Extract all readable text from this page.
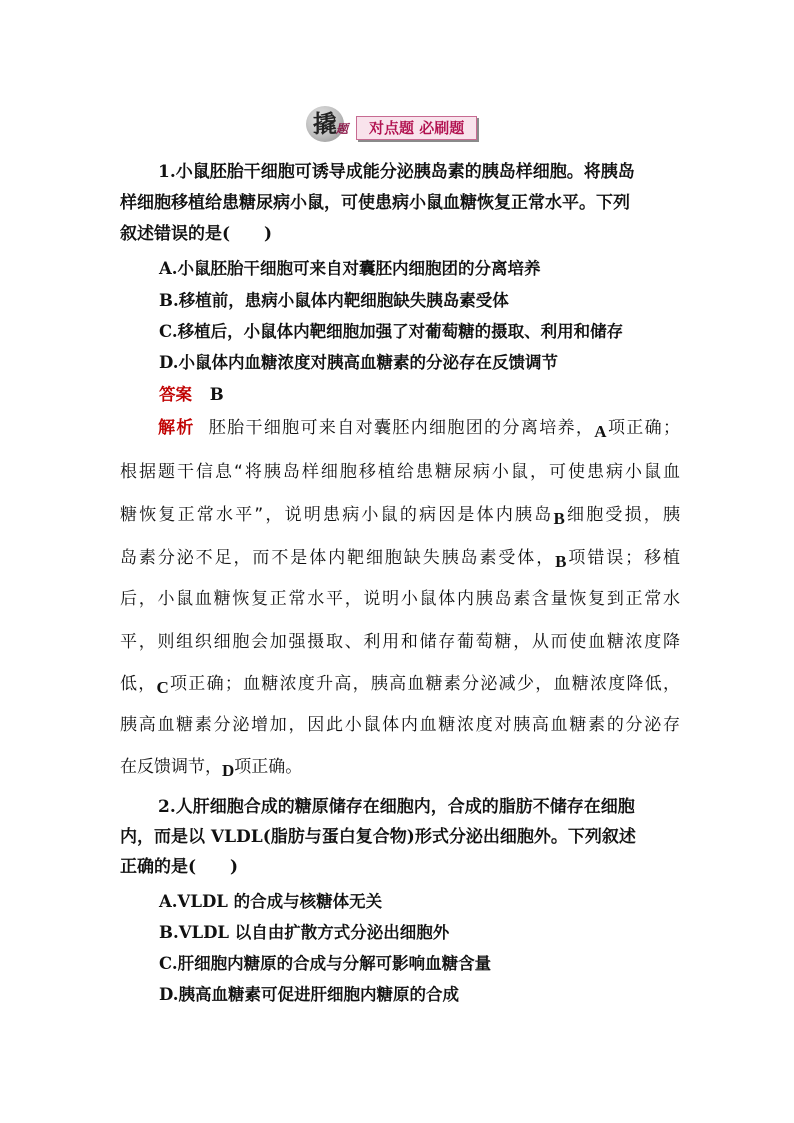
撬 题	对点题 必刷题
1.小鼠胚胎干细胞可诱导成能分泌胰岛素的胰岛样细胞。将胰岛
样细胞移植给患糖尿病小鼠，可使患病小鼠血糖恢复正常水平。下列
叙述错误的是(　　)
A.小鼠胚胎干细胞可来自对囊胚内细胞团的分离培养
B.移植前，患病小鼠体内靶细胞缺失胰岛素受体
C.移植后，小鼠体内靶细胞加强了对葡萄糖的摄取、利用和储存
D.小鼠体内血糖浓度对胰高血糖素的分泌存在反馈调节
答案 B
解析 胚胎干细胞可来自对囊胚内细胞团的分离培养，A项正确；
根据题干信息“将胰岛样细胞移植给患糖尿病小鼠，可使患病小鼠血
糖恢复正常水平”，说明患病小鼠的病因是体内胰岛B细胞受损，胰
岛素分泌不足，而不是体内靶细胞缺失胰岛素受体，B项错误；移植
后，小鼠血糖恢复正常水平，说明小鼠体内胰岛素含量恢复到正常水
平，则组织细胞会加强摄取、利用和储存葡萄糖，从而使血糖浓度降
低，C项正确；血糖浓度升高，胰高血糖素分泌减少，血糖浓度降低，
胰高血糖素分泌增加，因此小鼠体内血糖浓度对胰高血糖素的分泌存
在反馈调节，D项正确。
2.人肝细胞合成的糖原储存在细胞内，合成的脂肪不储存在细胞
内，而是以 VLDL(脂肪与蛋白复合物)形式分泌出细胞外。下列叙述
正确的是(　　)
A.VLDL 的合成与核糖体无关
B.VLDL 以自由扩散方式分泌出细胞外
C.肝细胞内糖原的合成与分解可影响血糖含量
D.胰高血糖素可促进肝细胞内糖原的合成
